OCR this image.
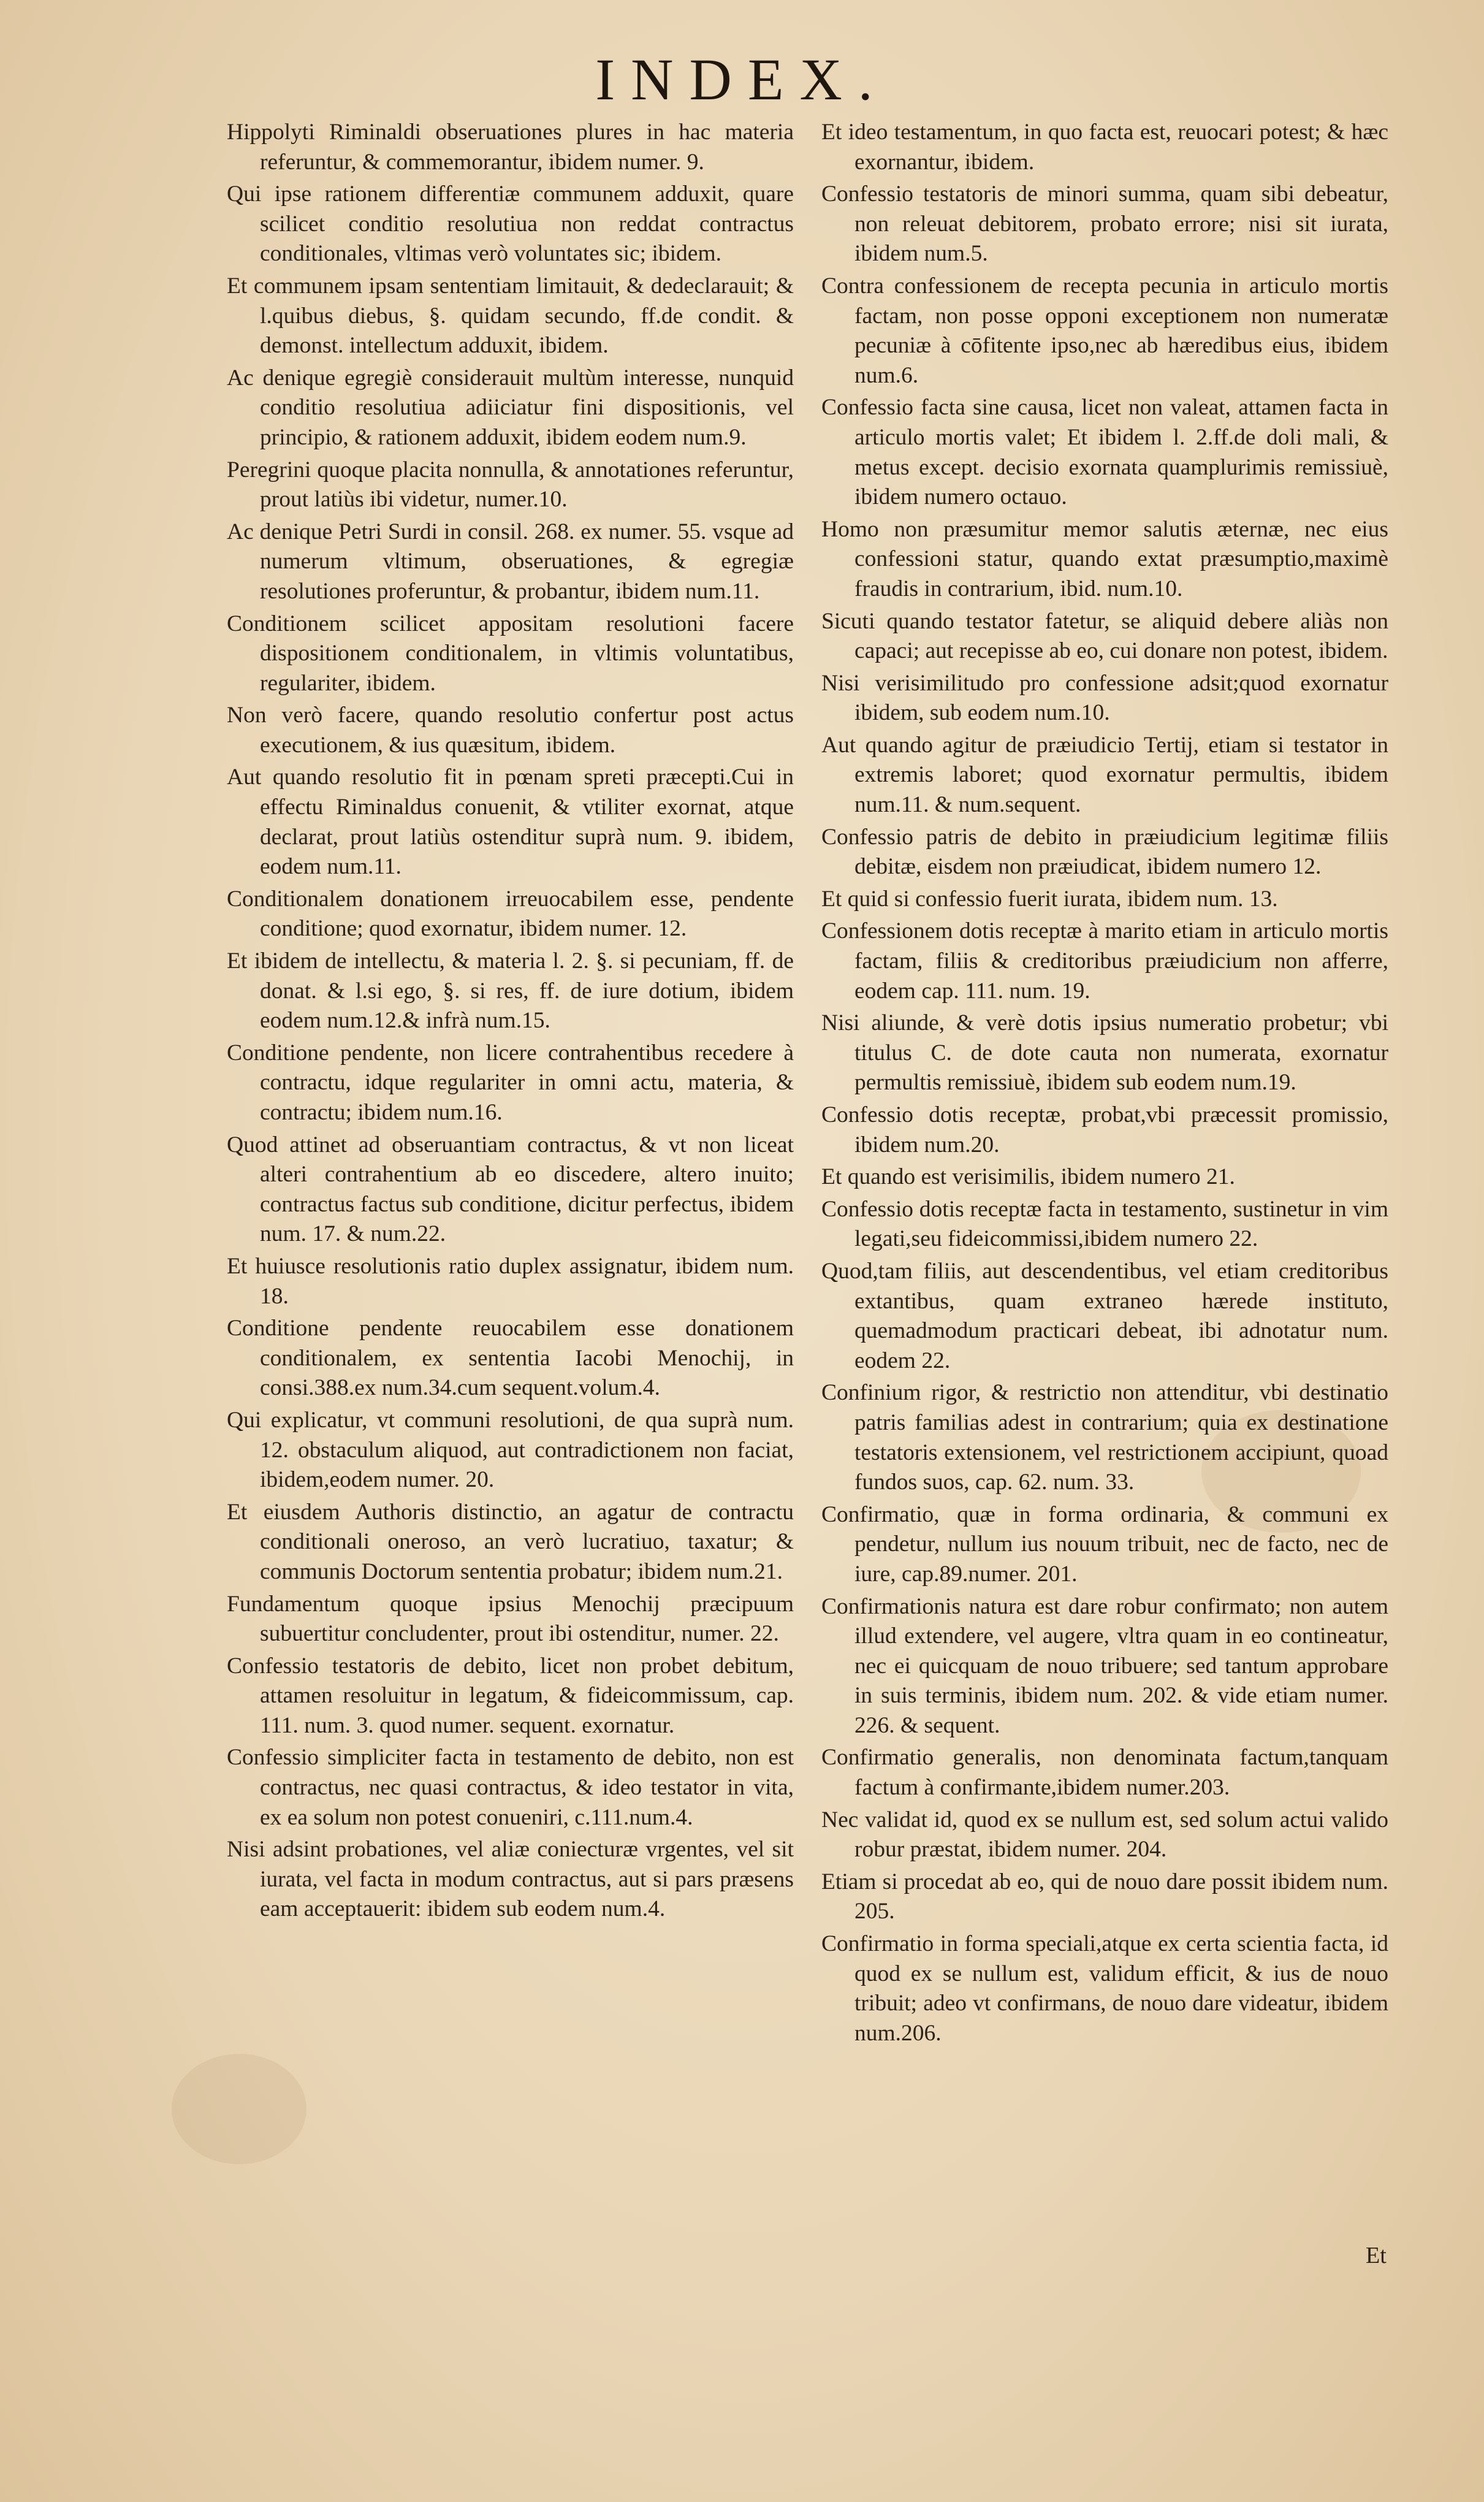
INDEX.

Hippolyti Riminaldi obseruationes plures in hac materia referuntur, & commemorantur, ibidem numer. 9.

Qui ipse rationem differentiæ communem adduxit, quare scilicet conditio resolutiua non reddat contractus conditionales, vltimas verò voluntates sic; ibidem.

Et communem ipsam sententiam limitauit, & dedeclarauit; & l.quibus diebus, §. quidam secundo, ff.de condit. & demonst. intellectum adduxit, ibidem.

Ac denique egregiè considerauit multùm interesse, nunquid conditio resolutiua adiiciatur fini dispositionis, vel principio, & rationem adduxit, ibidem eodem num.9.

Peregrini quoque placita nonnulla, & annotationes referuntur, prout latiùs ibi videtur, numer.10.

Ac denique Petri Surdi in consil. 268. ex numer. 55. vsque ad numerum vltimum, obseruationes, & egregiæ resolutiones proferuntur, & probantur, ibidem num.11.

Conditionem scilicet appositam resolutioni facere dispositionem conditionalem, in vltimis voluntatibus, regulariter, ibidem.

Non verò facere, quando resolutio confertur post actus executionem, & ius quæsitum, ibidem.

Aut quando resolutio fit in pœnam spreti præcepti.Cui in effectu Riminaldus conuenit, & vtiliter exornat, atque declarat, prout latiùs ostenditur suprà num. 9. ibidem, eodem num.11.

Conditionalem donationem irreuocabilem esse, pendente conditione; quod exornatur, ibidem numer. 12.

Et ibidem de intellectu, & materia l. 2. §. si pecuniam, ff. de donat. & l.si ego, §. si res, ff. de iure dotium, ibidem eodem num.12.& infrà num.15.

Conditione pendente, non licere contrahentibus recedere à contractu, idque regulariter in omni actu, materia, & contractu; ibidem num.16.

Quod attinet ad obseruantiam contractus, & vt non liceat alteri contrahentium ab eo discedere, altero inuito; contractus factus sub conditione, dicitur perfectus, ibidem num. 17. & num.22.

Et huiusce resolutionis ratio duplex assignatur, ibidem num. 18.

Conditione pendente reuocabilem esse donationem conditionalem, ex sententia Iacobi Menochij, in consi.388.ex num.34.cum sequent.volum.4.

Qui explicatur, vt communi resolutioni, de qua suprà num. 12. obstaculum aliquod, aut contradictionem non faciat, ibidem,eodem numer. 20.

Et eiusdem Authoris distinctio, an agatur de contractu conditionali oneroso, an verò lucratiuo, taxatur; & communis Doctorum sententia probatur; ibidem num.21.

Fundamentum quoque ipsius Menochij præcipuum subuertitur concludenter, prout ibi ostenditur, numer. 22.

Confessio testatoris de debito, licet non probet debitum, attamen resoluitur in legatum, & fideicommissum, cap. 111. num. 3. quod numer. sequent. exornatur.

Confessio simpliciter facta in testamento de debito, non est contractus, nec quasi contractus, & ideo testator in vita, ex ea solum non potest conueniri, c.111.num.4.

Nisi adsint probationes, vel aliæ coniecturæ vrgentes, vel sit iurata, vel facta in modum contractus, aut si pars præsens eam acceptauerit: ibidem sub eodem num.4.

Et ideo testamentum, in quo facta est, reuocari potest; & hæc exornantur, ibidem.

Confessio testatoris de minori summa, quam sibi debeatur, non releuat debitorem, probato errore; nisi sit iurata, ibidem num.5.

Contra confessionem de recepta pecunia in articulo mortis factam, non posse opponi exceptionem non numeratæ pecuniæ à cōfitente ipso,nec ab hæredibus eius, ibidem num.6.

Confessio facta sine causa, licet non valeat, attamen facta in articulo mortis valet; Et ibidem l. 2.ff.de doli mali, & metus except. decisio exornata quamplurimis remissiuè, ibidem numero octauo.

Homo non præsumitur memor salutis æternæ, nec eius confessioni statur, quando extat præsumptio,maximè fraudis in contrarium, ibid. num.10.

Sicuti quando testator fatetur, se aliquid debere aliàs non capaci; aut recepisse ab eo, cui donare non potest, ibidem.

Nisi verisimilitudo pro confessione adsit;quod exornatur ibidem, sub eodem num.10.

Aut quando agitur de præiudicio Tertij, etiam si testator in extremis laboret; quod exornatur permultis, ibidem num.11. & num.sequent.

Confessio patris de debito in præiudicium legitimæ filiis debitæ, eisdem non præiudicat, ibidem numero 12.

Et quid si confessio fuerit iurata, ibidem num. 13.

Confessionem dotis receptæ à marito etiam in articulo mortis factam, filiis & creditoribus præiudicium non afferre, eodem cap. 111. num. 19.

Nisi aliunde, & verè dotis ipsius numeratio probetur; vbi titulus C. de dote cauta non numerata, exornatur permultis remissiuè, ibidem sub eodem num.19.

Confessio dotis receptæ, probat,vbi præcessit promissio, ibidem num.20.

Et quando est verisimilis, ibidem numero 21.

Confessio dotis receptæ facta in testamento, sustinetur in vim legati,seu fideicommissi,ibidem numero 22.

Quod,tam filiis, aut descendentibus, vel etiam creditoribus extantibus, quam extraneo hærede instituto, quemadmodum practicari debeat, ibi adnotatur num. eodem 22.

Confinium rigor, & restrictio non attenditur, vbi destinatio patris familias adest in contrarium; quia ex destinatione testatoris extensionem, vel restrictionem accipiunt, quoad fundos suos, cap. 62. num. 33.

Confirmatio, quæ in forma ordinaria, & communi ex pendetur, nullum ius nouum tribuit, nec de facto, nec de iure, cap.89.numer. 201.

Confirmationis natura est dare robur confirmato; non autem illud extendere, vel augere, vltra quam in eo contineatur, nec ei quicquam de nouo tribuere; sed tantum approbare in suis terminis, ibidem num. 202. & vide etiam numer. 226. & sequent.

Confirmatio generalis, non denominata factum,tanquam factum à confirmante,ibidem numer.203.

Nec validat id, quod ex se nullum est, sed solum actui valido robur præstat, ibidem numer. 204.

Etiam si procedat ab eo, qui de nouo dare possit ibidem num. 205.

Confirmatio in forma speciali,atque ex certa scientia facta, id quod ex se nullum est, validum efficit, & ius de nouo tribuit; adeo vt confirmans, de nouo dare videatur, ibidem num.206.

Et
